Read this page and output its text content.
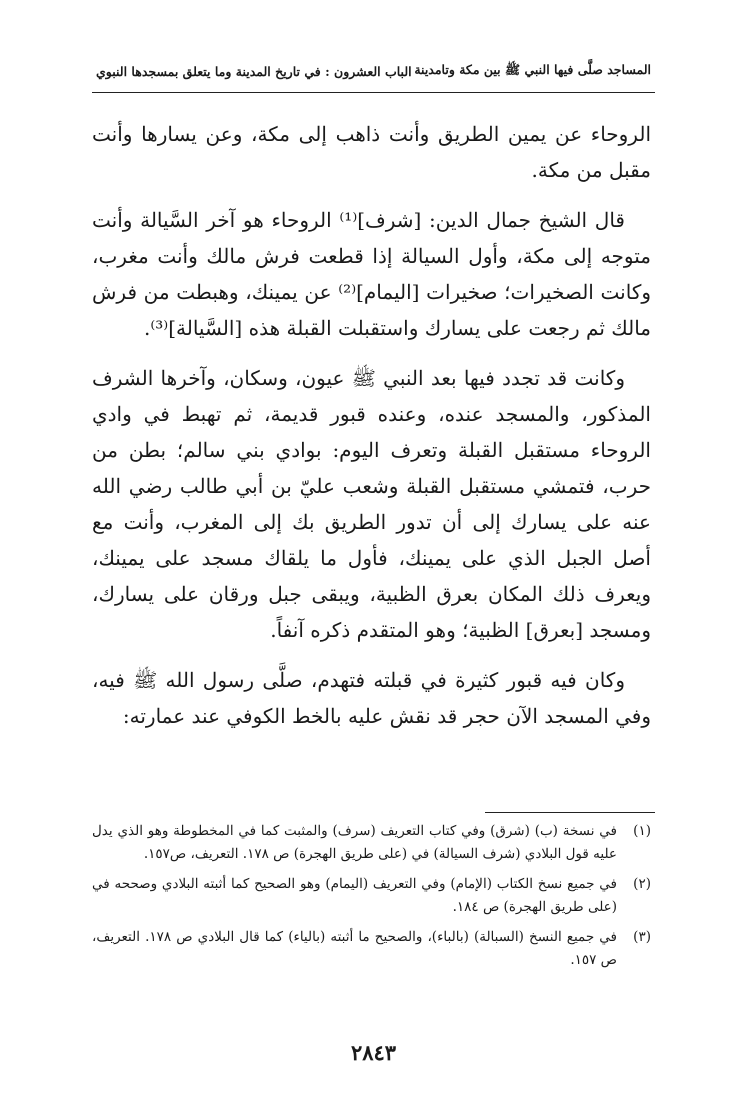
المساجد صلَّى فيها النبي ﷺ بين مكة وتامدينة
الباب العشرون : في تاريخ المدينة وما يتعلق بمسجدها النبوي

الروحاء عن يمين الطريق وأنت ذاهب إلى مكة، وعن يسارها وأنت مقبل من مكة.

قال الشيخ جمال الدين: [شرف]⁽¹⁾ الروحاء هو آخر السَّيالة وأنت متوجه إلى مكة، وأول السيالة إذا قطعت فرش مالك وأنت مغرب، وكانت الصخيرات؛ صخيرات [اليمام]⁽²⁾ عن يمينك، وهبطت من فرش مالك ثم رجعت على يسارك واستقبلت القبلة هذه [السَّيالة]⁽³⁾.

وكانت قد تجدد فيها بعد النبي ﷺ عيون، وسكان، وآخرها الشرف المذكور، والمسجد عنده، وعنده قبور قديمة، ثم تهبط في وادي الروحاء مستقبل القبلة وتعرف اليوم: بوادي بني سالم؛ بطن من حرب، فتمشي مستقبل القبلة وشعب عليّ بن أبي طالب رضي الله عنه على يسارك إلى أن تدور الطريق بك إلى المغرب، وأنت مع أصل الجبل الذي على يمينك، فأول ما يلقاك مسجد على يمينك، ويعرف ذلك المكان بعرق الظبية، ويبقى جبل ورقان على يسارك، ومسجد [بعرق] الظبية؛ وهو المتقدم ذكره آنفاً.

وكان فيه قبور كثيرة في قبلته فتهدم، صلَّى رسول الله ﷺ فيه، وفي المسجد الآن حجر قد نقش عليه بالخط الكوفي عند عمارته:

(١)
في نسخة (ب) (شرق) وفي كتاب التعريف (سرف) والمثبت كما في المخطوطة وهو الذي يدل عليه قول البلادي (شرف السيالة) في (على طريق الهجرة) ص ١٧٨. التعريف، ص١٥٧.
(٢)
في جميع نسخ الكتاب (الإمام) وفي التعريف (اليمام) وهو الصحيح كما أثبته البلادي وصححه في (على طريق الهجرة) ص ١٨٤.
(٣)
في جميع النسخ (السبالة) (بالباء)، والصحيح ما أثبته (بالياء) كما قال البلادي ص ١٧٨. التعريف، ص ١٥٧.
٢٨٤٣
